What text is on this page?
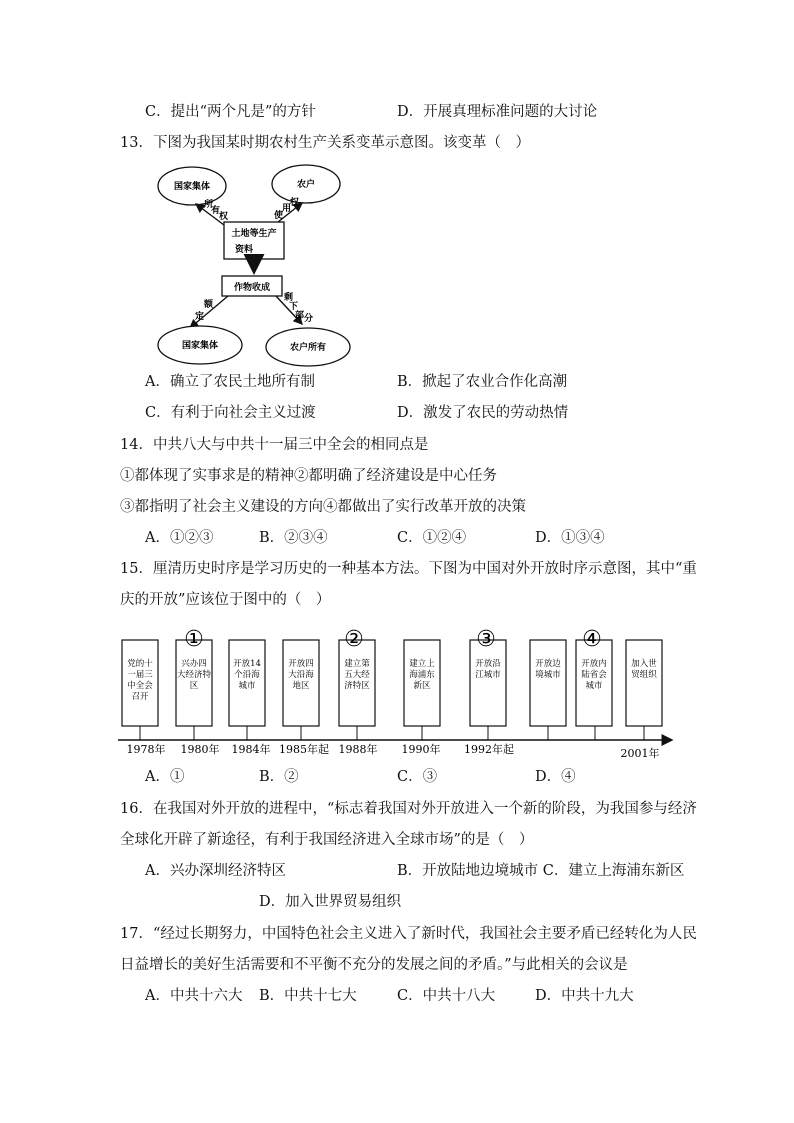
C．提出“两个凡是”的方针	D．开展真理标准问题的大讨论
13．下图为我国某时期农村生产关系变革示意图。该变革（　）
国家集体	农户
土地等生产
资料
所
有
权	使
用
权
作物收成
额
定
剩
下
部 分
国家集体	农户所有
A．确立了农民土地所有制	B．掀起了农业合作化高潮
C．有利于向社会主义过渡	D．激发了农民的劳动热情
14．中共八大与中共十一届三中全会的相同点是
①都体现了实事求是的精神②都明确了经济建设是中心任务
③都指明了社会主义建设的方向④都做出了实行改革开放的决策
A．①②③	B．②③④	C．①②④	D．①③④
15．厘清历史时序是学习历史的一种基本方法。下图为中国对外开放时序示意图，其中“重
庆的开放”应该位于图中的（　）
党的十
一届三
中全会
召开
兴办四
大经济特
区
开放14
个沿海
城市
开放四
大沿海
地区
建立第
五大经
济特区
建立上
海浦东
新区
开放沿
江城市
开放边
境城市
开放内
陆省会
城市
加入世
贸组织
1978年 1980年 1984年 1985年起 1988年 1990年 1992年起	2001年
①	②	③	④
A．①	B．②	C．③	D．④
16．在我国对外开放的进程中，“标志着我国对外开放进入一个新的阶段，为我国参与经济
全球化开辟了新途径，有利于我国经济进入全球市场”的是（　）
A．兴办深圳经济特区	B．开放陆地边境城市 C．建立上海浦东新区
D．加入世界贸易组织
17．“经过长期努力，中国特色社会主义进入了新时代，我国社会主要矛盾已经转化为人民
日益增长的美好生活需要和不平衡不充分的发展之间的矛盾。”与此相关的会议是
A．中共十六大 B．中共十七大	C．中共十八大	D．中共十九大
